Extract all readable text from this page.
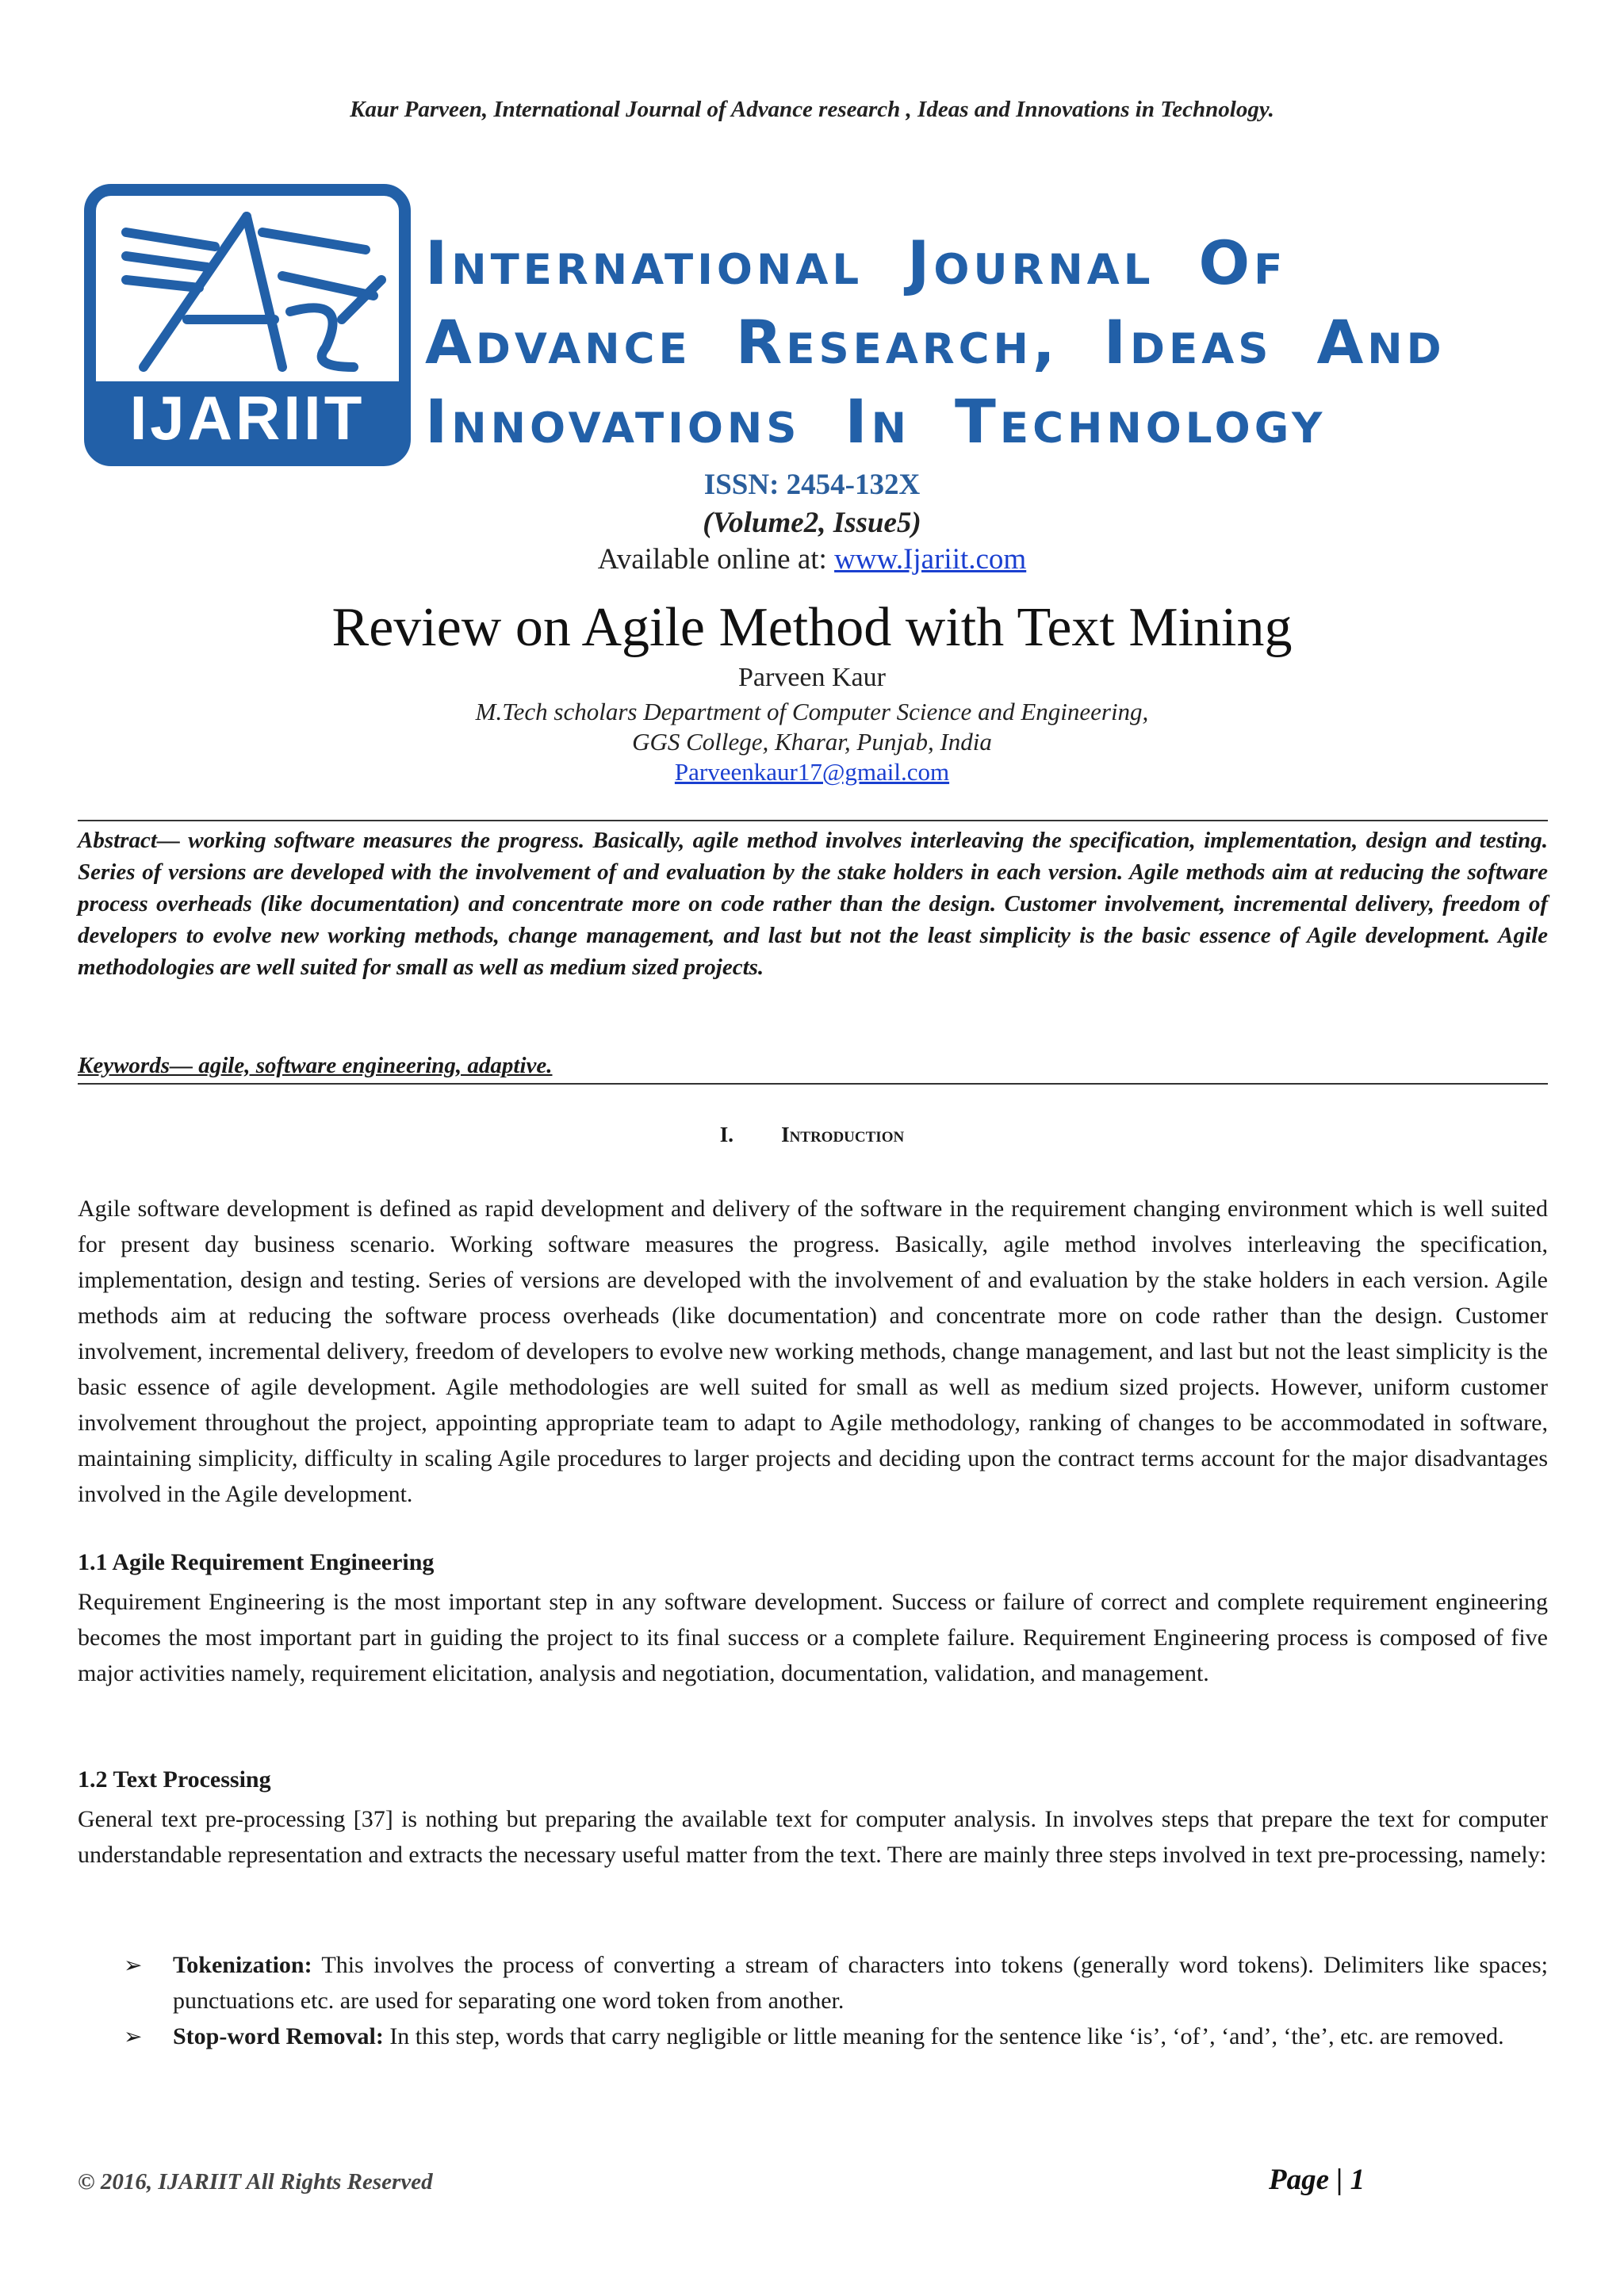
Kaur Parveen, International Journal of Advance research , Ideas and Innovations in Technology.
IJARIIT
International Journal Of
Advance Research, Ideas And
Innovations In Technology
ISSN: 2454-132X
(Volume2, Issue5)
Available online at: www.Ijariit.com
Review on Agile Method with Text Mining
Parveen Kaur
M.Tech scholars Department of Computer Science and Engineering,
GGS College, Kharar, Punjab, India
Parveenkaur17@gmail.com
Abstract— working software measures the progress. Basically, agile method involves interleaving the specification, implementation, design and testing. Series of versions are developed with the involvement of and evaluation by the stake holders in each version. Agile methods aim at reducing the software process overheads (like documentation) and concentrate more on code rather than the design. Customer involvement, incremental delivery, freedom of developers to evolve new working methods, change management, and last but not the least simplicity is the basic essence of Agile development. Agile methodologies are well suited for small as well as medium sized projects.
Keywords— agile, software engineering, adaptive.
I. Introduction
Agile software development is defined as rapid development and delivery of the software in the requirement changing environment which is well suited for present day business scenario. Working software measures the progress. Basically, agile method involves interleaving the specification, implementation, design and testing. Series of versions are developed with the involvement of and evaluation by the stake holders in each version. Agile methods aim at reducing the software process overheads (like documentation) and concentrate more on code rather than the design. Customer involvement, incremental delivery, freedom of developers to evolve new working methods, change management, and last but not the least simplicity is the basic essence of agile development. Agile methodologies are well suited for small as well as medium sized projects. However, uniform customer involvement throughout the project, appointing appropriate team to adapt to Agile methodology, ranking of changes to be accommodated in software, maintaining simplicity, difficulty in scaling Agile procedures to larger projects and deciding upon the contract terms account for the major disadvantages involved in the Agile development.
1.1 Agile Requirement Engineering
Requirement Engineering is the most important step in any software development. Success or failure of correct and complete requirement engineering becomes the most important part in guiding the project to its final success or a complete failure. Requirement Engineering process is composed of five major activities namely, requirement elicitation, analysis and negotiation, documentation, validation, and management.
1.2 Text Processing
General text pre-processing [37] is nothing but preparing the available text for computer analysis. In involves steps that prepare the text for computer understandable representation and extracts the necessary useful matter from the text. There are mainly three steps involved in text pre-processing, namely:
➢ Tokenization: This involves the process of converting a stream of characters into tokens (generally word tokens). Delimiters like spaces; punctuations etc. are used for separating one word token from another.
➢ Stop-word Removal: In this step, words that carry negligible or little meaning for the sentence like ‘is’, ‘of’, ‘and’, ‘the’, etc. are removed.
© 2016, IJARIIT All Rights Reserved	Page | 1
